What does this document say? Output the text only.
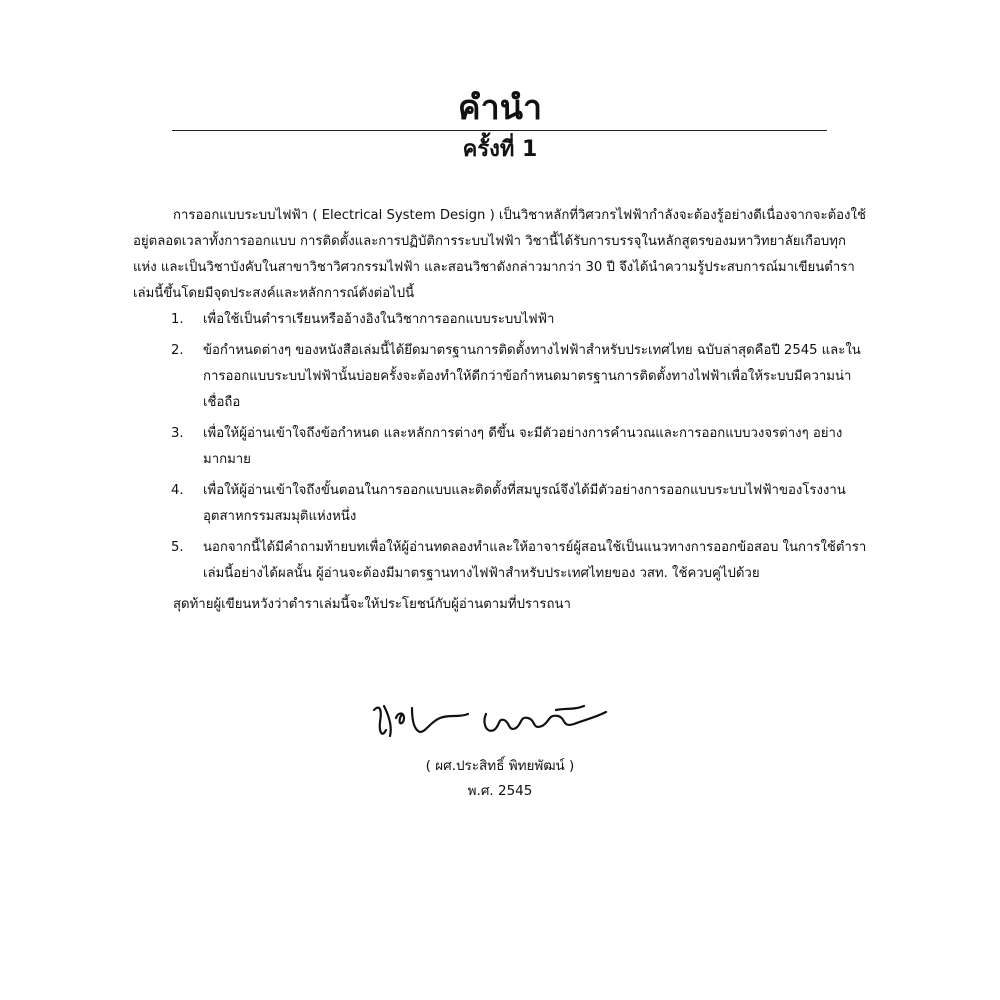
คำนำ
ครั้งที่ 1

การออกแบบระบบไฟฟ้า ( Electrical System Design ) เป็นวิชาหลักที่วิศวกรไฟฟ้ากำลังจะต้องรู้อย่างดีเนื่องจากจะต้องใช้อยู่ตลอดเวลาทั้งการออกแบบ การติดตั้งและการปฏิบัติการระบบไฟฟ้า วิชานี้ได้รับการบรรจุในหลักสูตรของมหาวิทยาลัยเกือบทุกแห่ง และเป็นวิชาบังคับในสาขาวิชาวิศวกรรมไฟฟ้า และสอนวิชาดังกล่าวมากว่า 30 ปี จึงได้นำความรู้ประสบการณ์มาเขียนตำราเล่มนี้ขึ้นโดยมีจุดประสงค์และหลักการณ์ดังต่อไปนี้

1. เพื่อใช้เป็นตำราเรียนหรืออ้างอิงในวิชาการออกแบบระบบไฟฟ้า
2. ข้อกำหนดต่างๆ ของหนังสือเล่มนี้ได้ยึดมาตรฐานการติดตั้งทางไฟฟ้าสำหรับประเทศไทย ฉบับล่าสุดคือปี 2545 และในการออกแบบระบบไฟฟ้านั้นบ่อยครั้งจะต้องทำให้ดีกว่าข้อกำหนดมาตรฐานการติดตั้งทางไฟฟ้าเพื่อให้ระบบมีความน่าเชื่อถือ
3. เพื่อให้ผู้อ่านเข้าใจถึงข้อกำหนด และหลักการต่างๆ ดีขึ้น จะมีตัวอย่างการคำนวณและการออกแบบวงจรต่างๆ อย่างมากมาย
4. เพื่อให้ผู้อ่านเข้าใจถึงขั้นตอนในการออกแบบและติดตั้งที่สมบูรณ์จึงได้มีตัวอย่างการออกแบบระบบไฟฟ้าของโรงงานอุตสาหกรรมสมมุติแห่งหนึ่ง
5. นอกจากนี้ได้มีคำถามท้ายบทเพื่อให้ผู้อ่านทดลองทำและให้อาจารย์ผู้สอนใช้เป็นแนวทางการออกข้อสอบ ในการใช้ตำราเล่มนี้อย่างได้ผลนั้น ผู้อ่านจะต้องมีมาตรฐานทางไฟฟ้าสำหรับประเทศไทยของ วสท. ใช้ควบคู่ไปด้วย

สุดท้ายผู้เขียนหวังว่าตำราเล่มนี้จะให้ประโยชน์กับผู้อ่านตามที่ปรารถนา

( ผศ.ประสิทธิ์ พิทยพัฒน์ )
พ.ศ. 2545
